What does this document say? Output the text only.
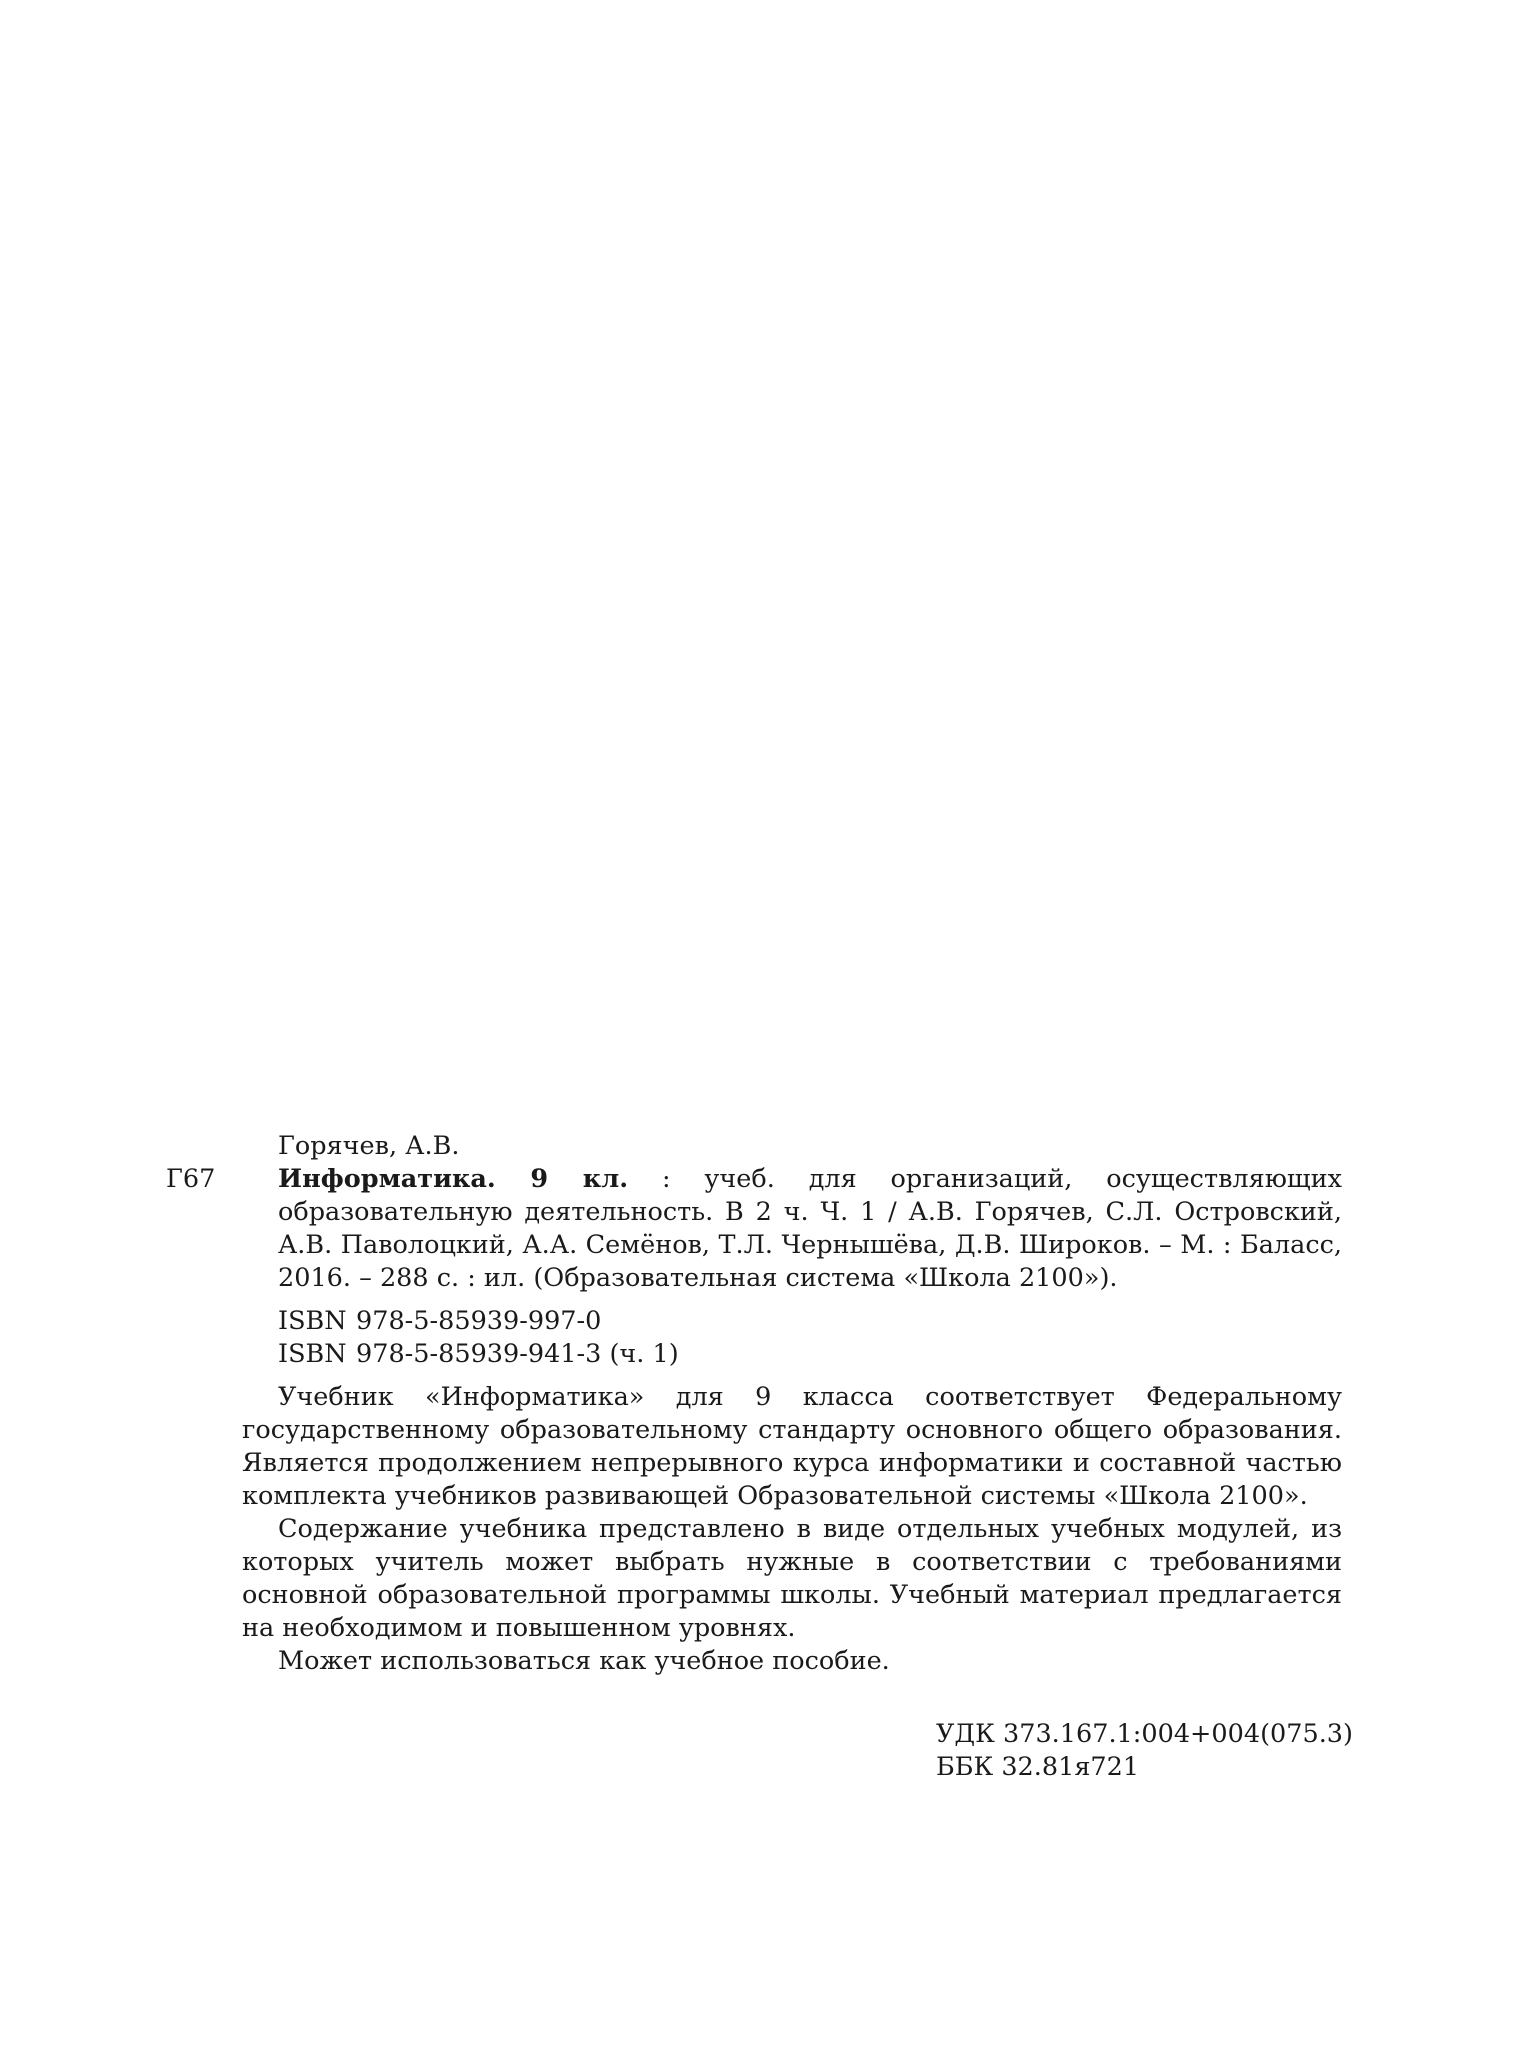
Горячев, А.В.
Г67	Информатика. 9 кл. : учеб. для организаций, осуществляющих образовательную деятельность. В 2 ч. Ч. 1 / А.В. Горячев, С.Л. Островский, А.В. Паволоцкий, А.А. Семёнов, Т.Л. Чернышёва, Д.В. Широков. – М. : Баласс, 2016. – 288 с. : ил. (Образовательная система «Школа 2100»).
ISBN 978-5-85939-997-0
ISBN 978-5-85939-941-3 (ч. 1)

Учебник «Информатика» для 9 класса соответствует Федеральному государственному образовательному стандарту основного общего образования. Является продолжением непрерывного курса информатики и составной частью комплекта учебников развивающей Образовательной системы «Школа 2100».

Содержание учебника представлено в виде отдельных учебных модулей, из которых учитель может выбрать нужные в соответствии с требованиями основной образовательной программы школы. Учебный материал предлагается на необходимом и повышенном уровнях.

Может использоваться как учебное пособие.

УДК 373.167.1:004+004(075.3)
ББК 32.81я721
